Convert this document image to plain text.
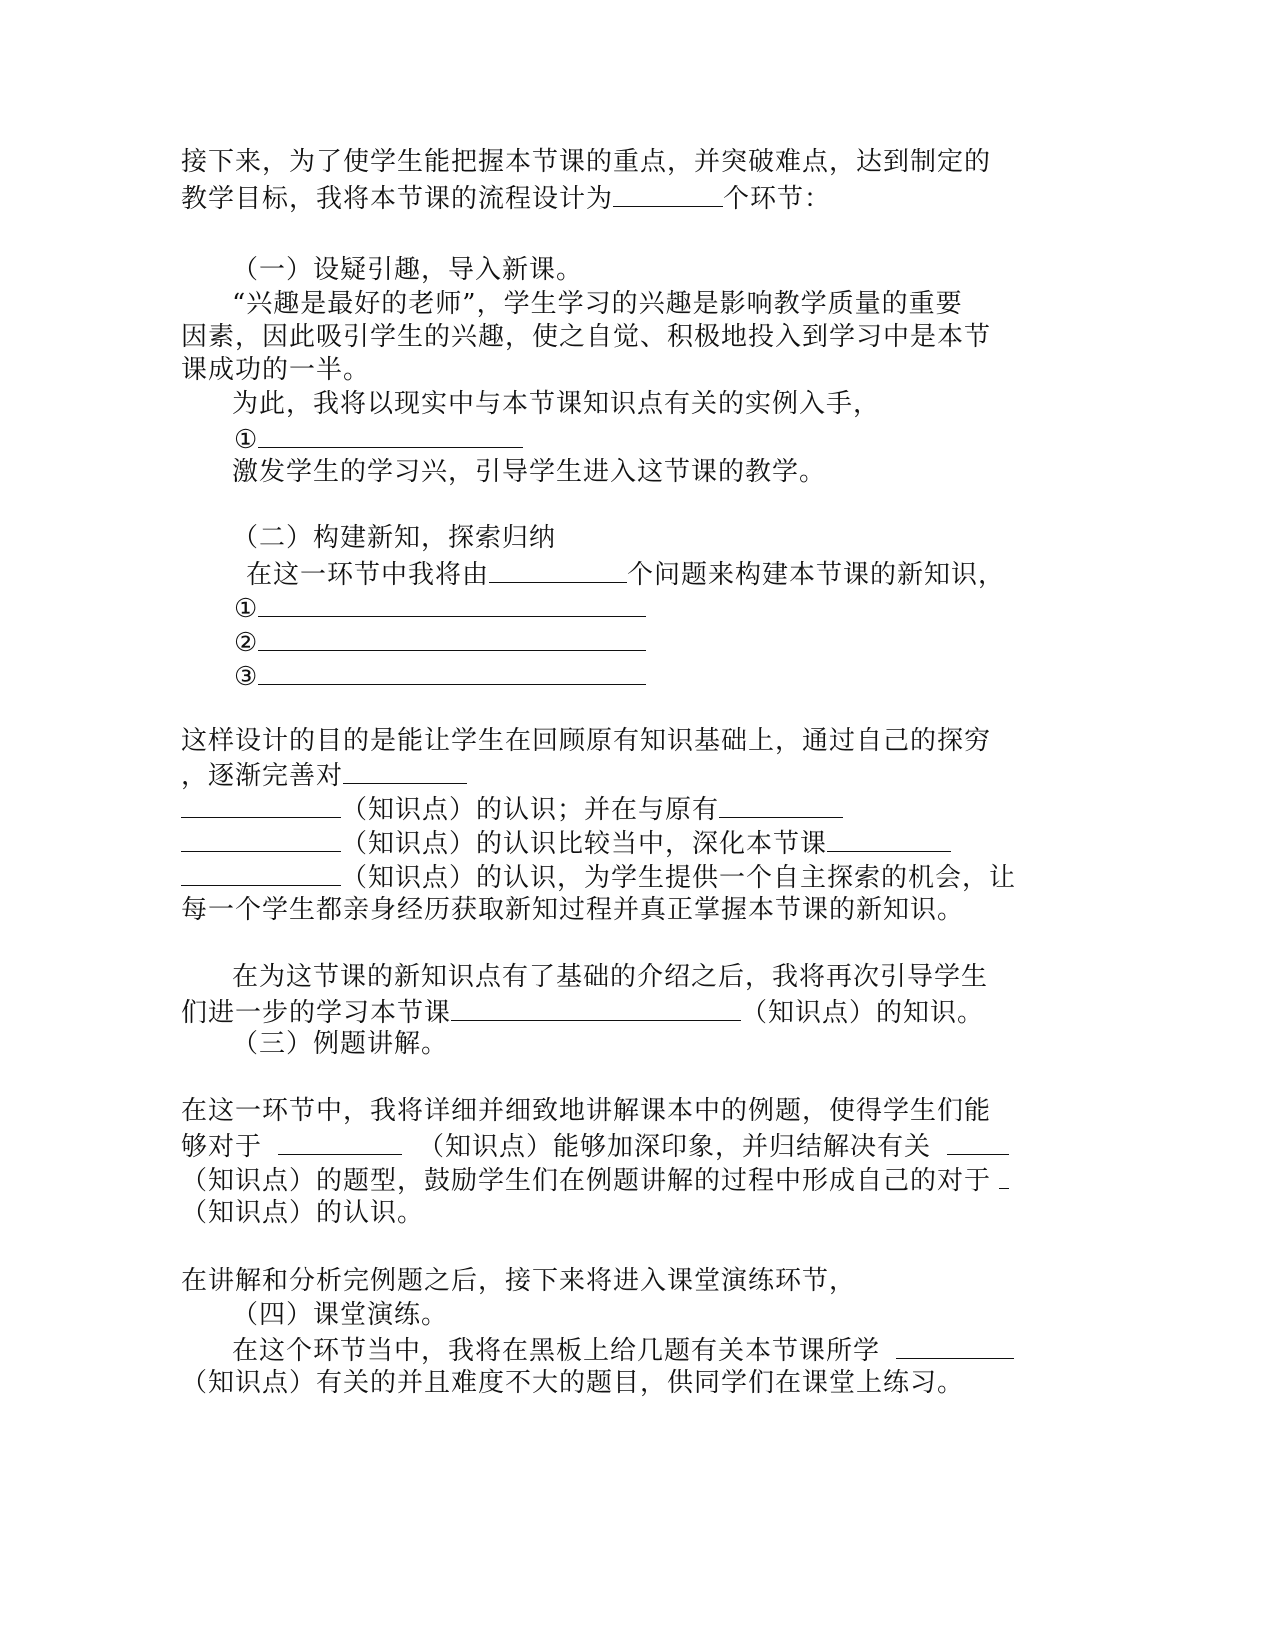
接下来，为了使学生能把握本节课的重点，并突破难点，达到制定的
教学目标，我将本节课的流程设计为	个环节：
（一）设疑引趣，导入新课。
“兴趣是最好的老师”，学生学习的兴趣是影响教学质量的重要
因素，因此吸引学生的兴趣，使之自觉、积极地投入到学习中是本节
课成功的一半。
为此，我将以现实中与本节课知识点有关的实例入手，
①
激发学生的学习兴，引导学生进入这节课的教学。
（二）构建新知，探索归纳
在这一环节中我将由	个问题来构建本节课的新知识，
①
②
③
这样设计的目的是能让学生在回顾原有知识基础上，通过自己的探穷
，逐渐完善对
（知识点）的认识；并在与原有
（知识点）的认识比较当中，深化本节课
（知识点）的认识，为学生提供一个自主探索的机会，让
每一个学生都亲身经历获取新知过程并真正掌握本节课的新知识。
在为这节课的新知识点有了基础的介绍之后，我将再次引导学生
们进一步的学习本节课	（知识点）的知识。
（三）例题讲解。
在这一环节中，我将详细并细致地讲解课本中的例题，使得学生们能
够对于	（知识点）能够加深印象，并归结解决有关
（知识点）的题型，鼓励学生们在例题讲解的过程中形成自己的对于
（知识点）的认识。
在讲解和分析完例题之后，接下来将进入课堂演练环节，
（四）课堂演练。
在这个环节当中，我将在黑板上给几题有关本节课所学
（知识点）有关的并且难度不大的题目，供同学们在课堂上练习。
